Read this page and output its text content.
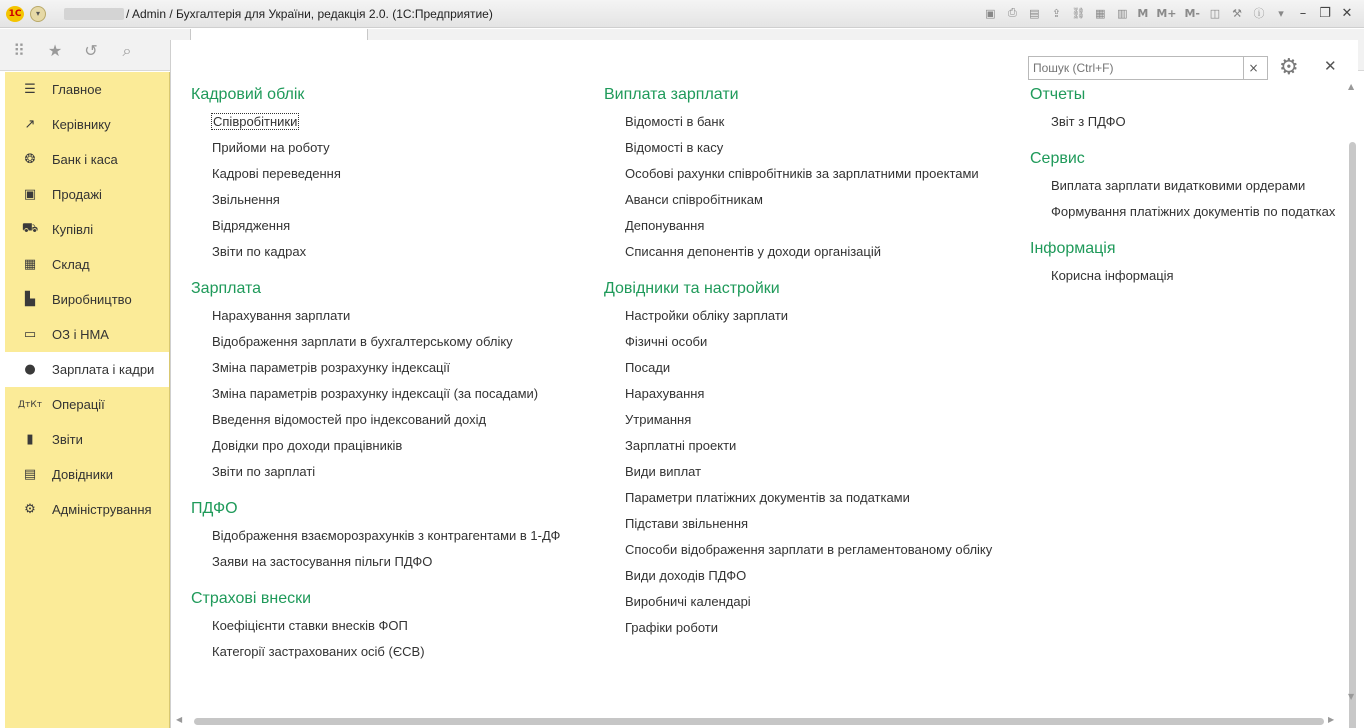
1С	▾	/ Admin / Бухгалтерія для України, редакція 2.0. (1С:Предприятие)	▣	⎙	▤	⇪ ⛓ ▦	▥ M M+ M- ◫	⚒	ⓘ	▾	– ❐ ✕
⠿ ★ ↺ ⌕
☰ Главное
↗ Керівнику
❂ Банк і каса
▣ Продажі
⛟ Купівлі
▦ Склад
▙ Виробництво
▭ ОЗ і НМА
● Зарплата і кадри
ДтКт Операції
▮	Звіти
▤ Довідники
⚙ Адміністрування
Пошук (Ctrl+F)
× ⚙ ✕
Кадровий облік
Співробітники
Прийоми на роботу
Кадрові переведення
Звільнення
Відрядження
Звіти по кадрах
Зарплата
Нарахування зарплати
Відображення зарплати в бухгалтерському обліку
Зміна параметрів розрахунку індексації
Зміна параметрів розрахунку індексації (за посадами)
Введення відомостей про індексований дохід
Довідки про доходи працівників
Звіти по зарплаті
ПДФО
Відображення взаєморозрахунків з контрагентами в 1-ДФ
Заяви на застосування пільги ПДФО
Страхові внески
Коефіцієнти ставки внесків ФОП
Категорії застрахованих осіб (ЄСВ)
Виплата зарплати
Відомості в банк
Відомості в касу
Особові рахунки співробітників за зарплатними проектами
Аванси співробітникам
Депонування
Списання депонентів у доходи організацій
Довідники та настройки
Настройки обліку зарплати
Фізичні особи
Посади
Нарахування
Утримання
Зарплатні проекти
Види виплат
Параметри платіжних документів за податками
Підстави звільнення
Способи відображення зарплати в регламентованому обліку
Види доходів ПДФО
Виробничі календарі
Графіки роботи
Отчеты
Звіт з ПДФО
Сервис
Виплата зарплати видатковими ордерами
Формування платіжних документів по податках
Інформація
Корисна інформація
▲
▼
◀	▶
